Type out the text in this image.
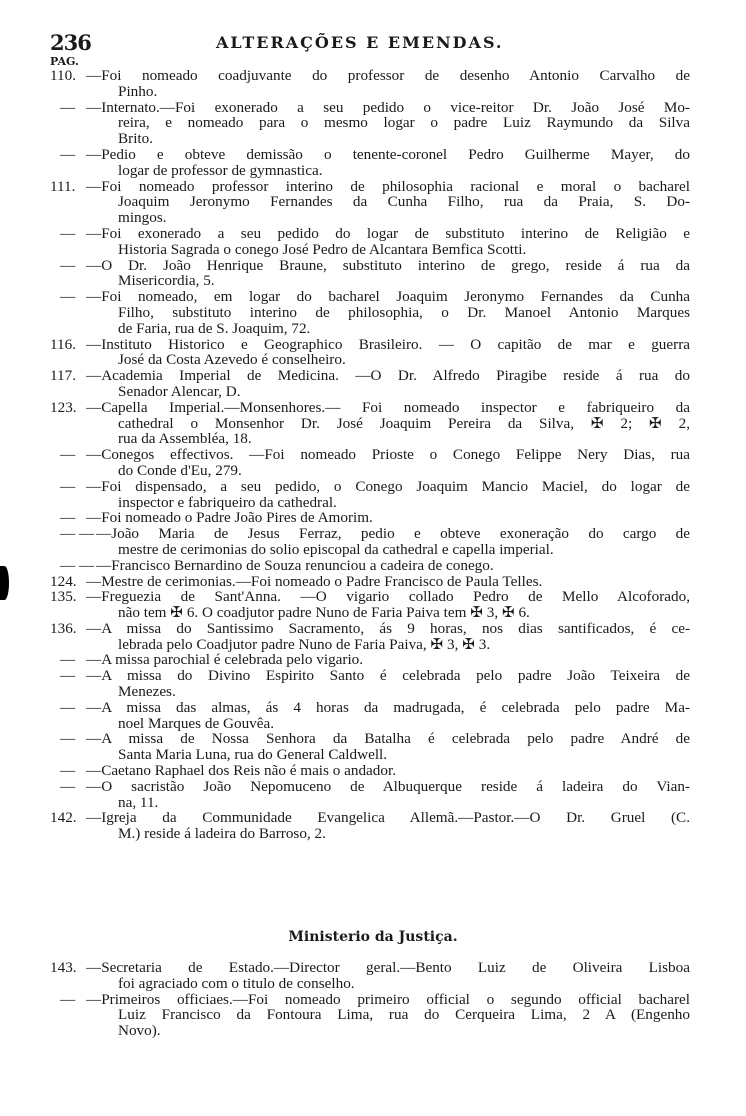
236	ALTERAÇÕES E EMENDAS.
PAG.
110. —Foi nomeado coadjuvante do professor de desenho Antonio Carvalho de
Pinho.
— —Internato.—Foi exonerado a seu pedido o vice-reitor Dr. João José Mo-
reira, e nomeado para o mesmo logar o padre Luiz Raymundo da Silva
Brito.
— —Pedio e obteve demissão o tenente-coronel Pedro Guilherme Mayer, do
logar de professor de gymnastica.
111. —Foi nomeado professor interino de philosophia racional e moral o bacharel
Joaquim Jeronymo Fernandes da Cunha Filho, rua da Praia, S. Do-
mingos.
— —Foi exonerado a seu pedido do logar de substituto interino de Religião e
Historia Sagrada o conego José Pedro de Alcantara Bemfica Scotti.
— —O Dr. João Henrique Braune, substituto interino de grego, reside á rua da
Misericordia, 5.
— —Foi nomeado, em logar do bacharel Joaquim Jeronymo Fernandes da Cunha
Filho, substituto interino de philosophia, o Dr. Manoel Antonio Marques
de Faria, rua de S. Joaquim, 72.
116. —Instituto Historico e Geographico Brasileiro. — O capitão de mar e guerra
José da Costa Azevedo é conselheiro.
117. —Academia Imperial de Medicina. —O Dr. Alfredo Piragibe reside á rua do
Senador Alencar, D.
123. —Capella Imperial.—Monsenhores.— Foi nomeado inspector e fabriqueiro da
cathedral o Monsenhor Dr. José Joaquim Pereira da Silva, ✠ 2; ✠ 2,
rua da Assembléa, 18.
— —Conegos effectivos. —Foi nomeado Prioste o Conego Felippe Nery Dias, rua
do Conde d'Eu, 279.
— —Foi dispensado, a seu pedido, o Conego Joaquim Mancio Maciel, do logar de
inspector e fabriqueiro da cathedral.
— —Foi nomeado o Padre João Pires de Amorim.
— — —João Maria de Jesus Ferraz, pedio e obteve exoneração do cargo de
mestre de cerimonias do solio episcopal da cathedral e capella imperial.
— — —Francisco Bernardino de Souza renunciou a cadeira de conego.
124. —Mestre de cerimonias.—Foi nomeado o Padre Francisco de Paula Telles.
135. —Freguezia de Sant'Anna. —O vigario collado Pedro de Mello Alcoforado,
não tem ✠ 6. O coadjutor padre Nuno de Faria Paiva tem ✠ 3, ✠ 6.
136. —A missa do Santissimo Sacramento, ás 9 horas, nos dias santificados, é ce-
lebrada pelo Coadjutor padre Nuno de Faria Paiva, ✠ 3, ✠ 3.
— —A missa parochial é celebrada pelo vigario.
— —A missa do Divino Espirito Santo é celebrada pelo padre João Teixeira de
Menezes.
— —A missa das almas, ás 4 horas da madrugada, é celebrada pelo padre Ma-
noel Marques de Gouvêa.
— —A missa de Nossa Senhora da Batalha é celebrada pelo padre André de
Santa Maria Luna, rua do General Caldwell.
— —Caetano Raphael dos Reis não é mais o andador.
— —O sacristão João Nepomuceno de Albuquerque reside á ladeira do Vian-
na, 11.
142. —Igreja da Communidade Evangelica Allemã.—Pastor.—O Dr. Gruel (C.
M.) reside á ladeira do Barroso, 2.
Ministerio da Justiça.
143. —Secretaria de Estado.—Director geral.—Bento Luiz de Oliveira Lisboa
foi agraciado com o titulo de conselho.
— —Primeiros officiaes.—Foi nomeado primeiro official o segundo official bacharel
Luiz Francisco da Fontoura Lima, rua do Cerqueira Lima, 2 A (Engenho
Novo).
